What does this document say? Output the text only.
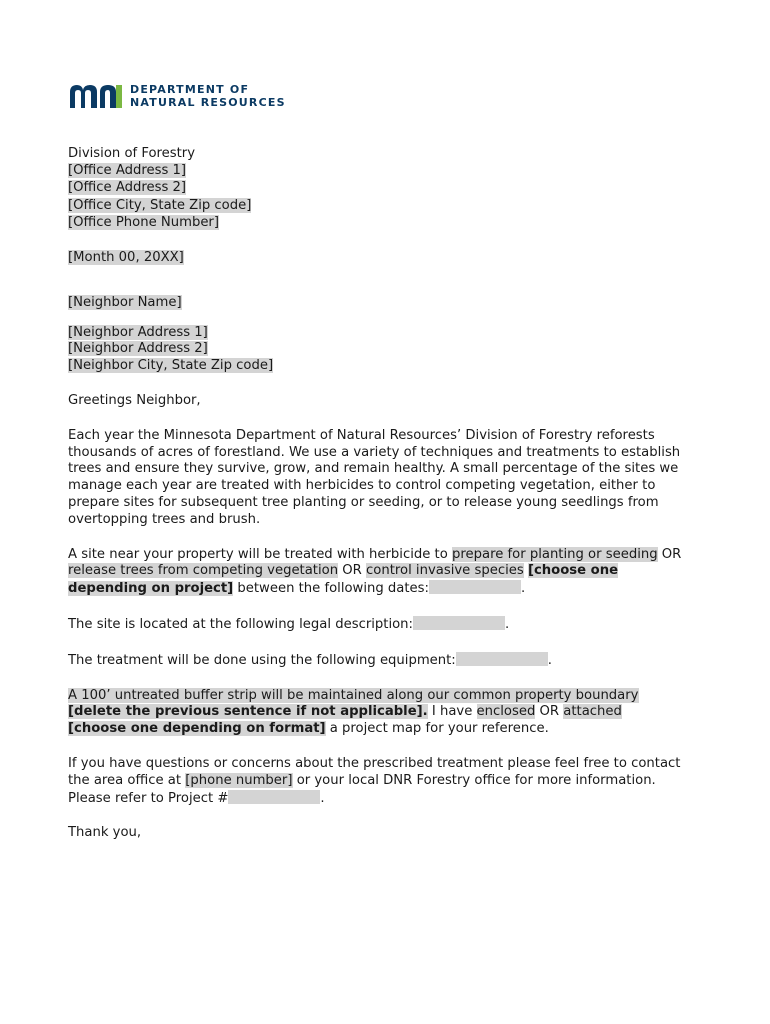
DEPARTMENT OF
NATURAL RESOURCES

Division of Forestry

[Office Address 1]

[Office Address 2]

[Office City, State Zip code]

[Office Phone Number]

[Month 00, 20XX]

[Neighbor Name]

[Neighbor Address 1]

[Neighbor Address 2]

[Neighbor City, State Zip code]

Greetings Neighbor,

Each year the Minnesota Department of Natural Resources’ Division of Forestry reforests thousands of acres of forestland. We use a variety of techniques and treatments to establish trees and ensure they survive, grow, and remain healthy. A small percentage of the sites we manage each year are treated with herbicides to control competing vegetation, either to prepare sites for subsequent tree planting or seeding, or to release young seedlings from overtopping trees and brush.

A site near your property will be treated with herbicide to prepare for planting or seeding OR release trees from competing vegetation OR control invasive species [choose one depending on project] between the following dates:	.

The site is located at the following legal description:	.

The treatment will be done using the following equipment:	.

A 100’ untreated buffer strip will be maintained along our common property boundary
[delete the previous sentence if not applicable]. I have enclosed OR attached
[choose one depending on format] a project map for your reference.

If you have questions or concerns about the prescribed treatment please feel free to contact the area office at [phone number] or your local DNR Forestry office for more information. Please refer to Project #	.

Thank you,
